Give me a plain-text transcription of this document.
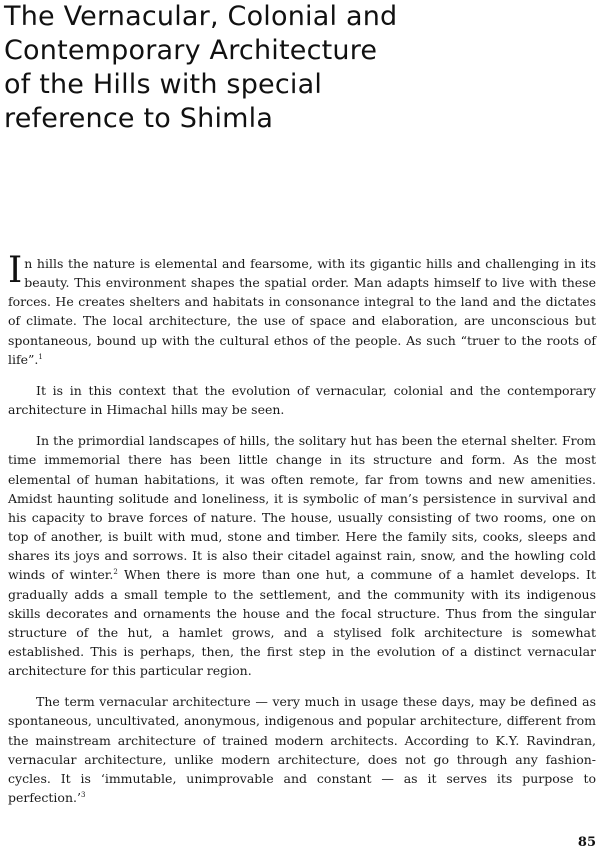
The Vernacular, Colonial and
Contemporary Architecture
of the Hills with special
reference to Shimla

In hills the nature is elemental and fearsome, with its gigantic hills and challenging in its beauty. This environment shapes the spatial order. Man adapts himself to live with these forces. He creates shelters and habitats in consonance integral to the land and the dictates of climate. The local architecture, the use of space and elaboration, are unconscious but spontaneous, bound up with the cultural ethos of the people. As such “truer to the roots of life”.$^1$

It is in this context that the evolution of vernacular, colonial and the contemporary architecture in Himachal hills may be seen.

In the primordial landscapes of hills, the solitary hut has been the eternal shelter. From time immemorial there has been little change in its structure and form. As the most elemental of human habitations, it was often remote, far from towns and new amenities. Amidst haunting solitude and loneliness, it is symbolic of man’s persistence in survival and his capacity to brave forces of nature. The house, usually consisting of two rooms, one on top of another, is built with mud, stone and timber. Here the family sits, cooks, sleeps and shares its joys and sorrows. It is also their citadel against rain, snow, and the howling cold winds of winter.$^2$ When there is more than one hut, a commune of a hamlet develops. It gradually adds a small temple to the settlement, and the community with its indigenous skills decorates and ornaments the house and the focal structure. Thus from the singular structure of the hut, a hamlet grows, and a stylised folk architecture is somewhat established. This is perhaps, then, the first step in the evolution of a distinct vernacular architecture for this particular region.

The term vernacular architecture — very much in usage these days, may be defined as spontaneous, uncultivated, anonymous, indigenous and popular architecture, different from the mainstream architecture of trained modern architects. According to K.Y. Ravindran, vernacular architecture, unlike modern architecture, does not go through any fashion-cycles. It is ‘immutable, unimprovable and constant — as it serves its purpose to perfection.’$^3$

85
